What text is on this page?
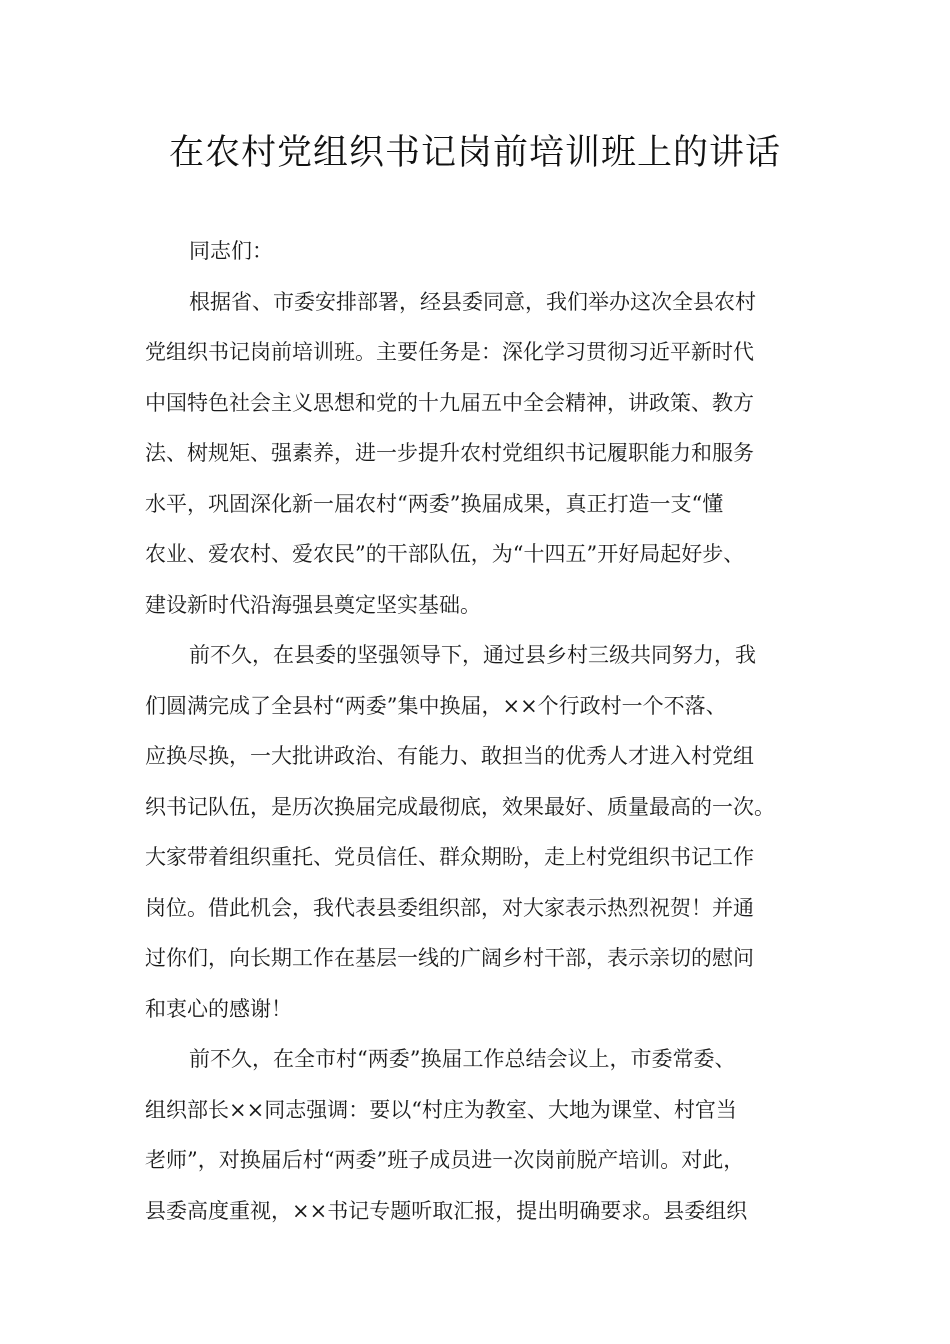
在农村党组织书记岗前培训班上的讲话
同志们：
根据省、市委安排部署，经县委同意，我们举办这次全县农村
党组织书记岗前培训班。主要任务是：深化学习贯彻习近平新时代
中国特色社会主义思想和党的十九届五中全会精神，讲政策、教方
法、树规矩、强素养，进一步提升农村党组织书记履职能力和服务
水平，巩固深化新一届农村“两委”换届成果，真正打造一支“懂
农业、爱农村、爱农民”的干部队伍，为“十四五”开好局起好步、
建设新时代沿海强县奠定坚实基础。
前不久，在县委的坚强领导下，通过县乡村三级共同努力，我
们圆满完成了全县村“两委”集中换届，××个行政村一个不落、
应换尽换，一大批讲政治、有能力、敢担当的优秀人才进入村党组
织书记队伍，是历次换届完成最彻底，效果最好、质量最高的一次。
大家带着组织重托、党员信任、群众期盼，走上村党组织书记工作
岗位。借此机会，我代表县委组织部，对大家表示热烈祝贺！并通
过你们，向长期工作在基层一线的广阔乡村干部，表示亲切的慰问
和衷心的感谢！
前不久，在全市村“两委”换届工作总结会议上，市委常委、
组织部长××同志强调：要以“村庄为教室、大地为课堂、村官当
老师”，对换届后村“两委”班子成员进一次岗前脱产培训。对此，
县委高度重视，××书记专题听取汇报，提出明确要求。县委组织
